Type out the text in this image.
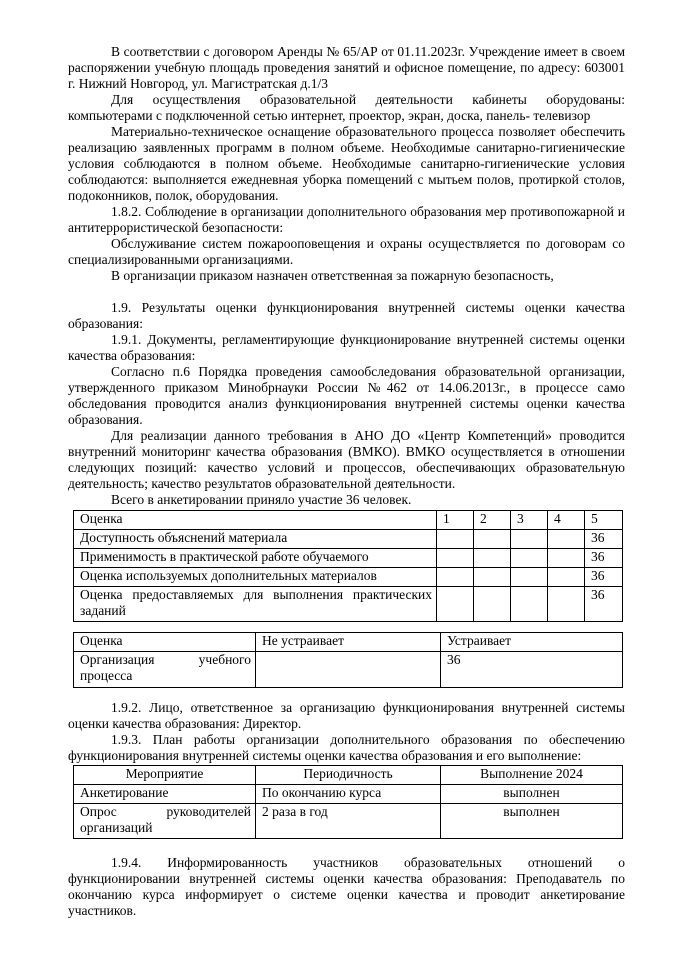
В соответствии с договором Аренды № 65/АР от 01.11.2023г. Учреждение имеет в своем распоряжении учебную площадь проведения занятий и офисное помещение, по адресу: 603001 г. Нижний Новгород, ул. Магистратская д.1/3

Для осуществления образовательной деятельности кабинеты оборудованы: компьютерами с подключенной сетью интернет, проектор, экран, доска, панель- телевизор

Материально-техническое оснащение образовательного процесса позволяет обеспечить реализацию заявленных программ в полном объеме. Необходимые санитарно-гигиенические условия соблюдаются в полном объеме. Необходимые санитарно-гигиенические условия соблюдаются: выполняется ежедневная уборка помещений с мытьем полов, протиркой столов, подоконников, полок, оборудования.

1.8.2. Соблюдение в организации дополнительного образования мер противопожарной и антитеррористической безопасности:

Обслуживание систем пожарооповещения и охраны осуществляется по договорам со специализированными организациями.

В организации приказом назначен ответственная за пожарную безопасность,

1.9. Результаты оценки функционирования внутренней системы оценки качества образования:

1.9.1. Документы, регламентирующие функционирование внутренней системы оценки качества образования:

Согласно п.6 Порядка проведения самообследования образовательной организации, утвержденного приказом Минобрнауки России №462 от 14.06.2013г., в процессе само обследования проводится анализ функционирования внутренней системы оценки качества образования.

Для реализации данного требования в АНО ДО «Центр Компетенций» проводится внутренний мониторинг качества образования (ВМКО). ВМКО осуществляется в отношении следующих позиций: качество условий и процессов, обеспечивающих образовательную деятельность; качество результатов образовательной деятельности.

Всего в анкетировании приняло участие 36 человек.

Оценка	1	2	3	4	5
Доступность объяснений материала					36
Применимость в практической работе обучаемого					36
Оценка используемых дополнительных материалов					36
Оценка предоставляемых для выполнения практических заданий					36
Оценка	Не устраивает	Устраивает
Организация учебного процесса		36

1.9.2. Лицо, ответственное за организацию функционирования внутренней системы оценки качества образования: Директор.

1.9.3. План работы организации дополнительного образования по обеспечению функционирования внутренней системы оценки качества образования и его выполнение:

Мероприятие	Периодичность	Выполнение 2024
Анкетирование	По окончанию курса	выполнен
Опрос руководителей организаций	2 раза в год	выполнен

1.9.4. Информированность участников образовательных отношений о функционировании внутренней системы оценки качества образования: Преподаватель по окончанию курса информирует о системе оценки качества и проводит анкетирование участников.
